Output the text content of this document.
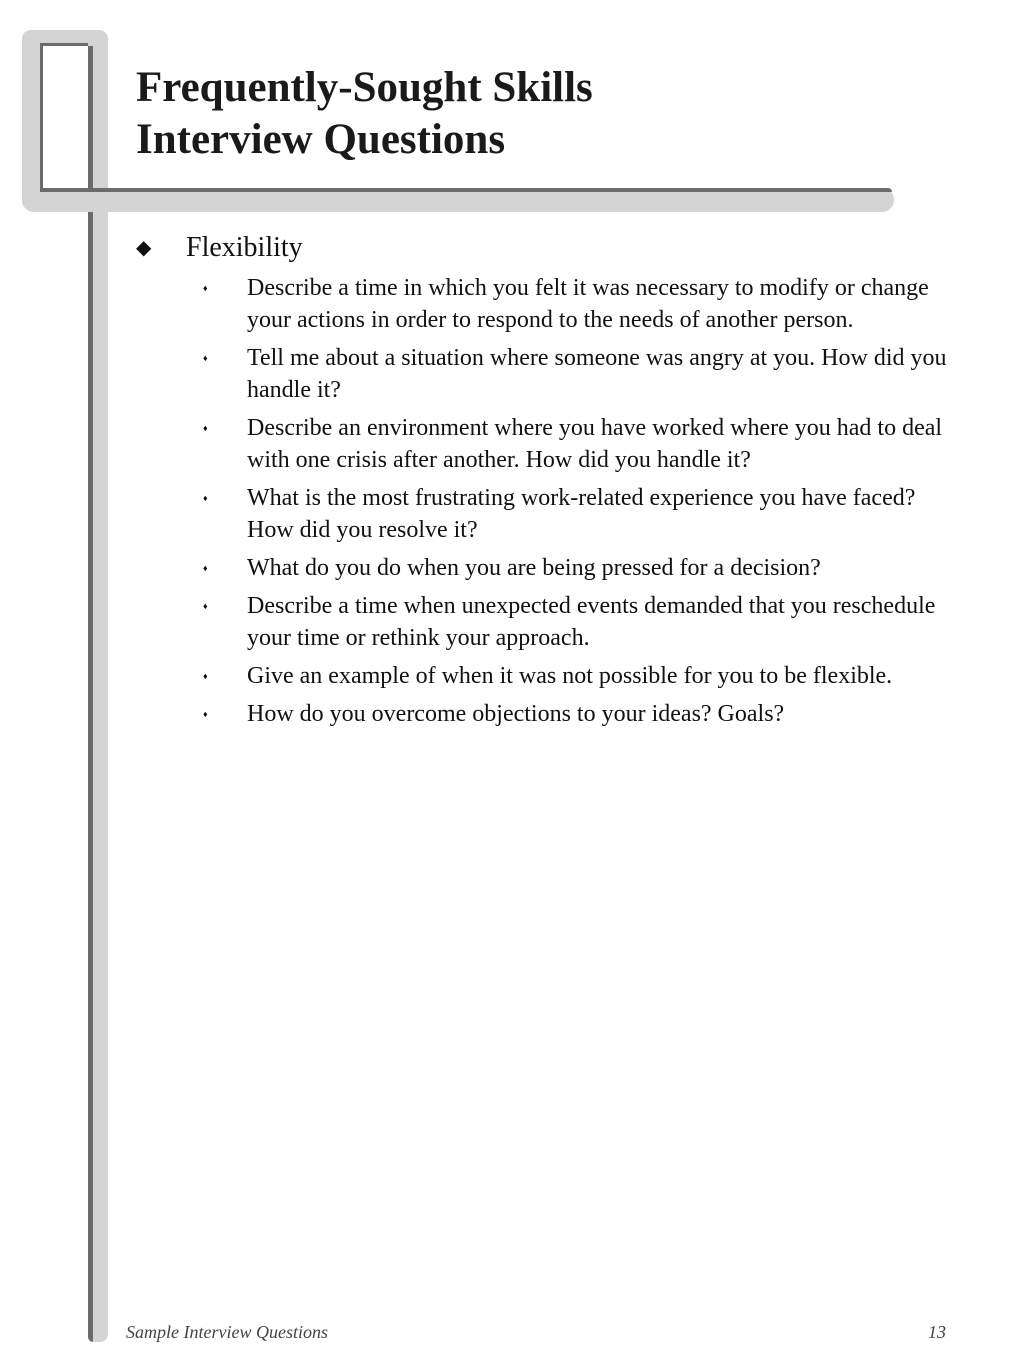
Frequently-Sought Skills
Interview Questions
◆	Flexibility
♦	Describe a time in which you felt it was necessary to modify or change your actions in order to respond to the needs of another person.
♦	Tell me about a situation where someone was angry at you. How did you handle it?
♦	Describe an environment where you have worked where you had to deal with one crisis after another. How did you handle it?
♦	What is the most frustrating work-related experience you have faced? How did you resolve it?
♦	What do you do when you are being pressed for a decision?
♦	Describe a time when unexpected events demanded that you reschedule your time or rethink your approach.
♦	Give an example of when it was not possible for you to be flexible.
♦	How do you overcome objections to your ideas? Goals?
Sample Interview Questions	13
